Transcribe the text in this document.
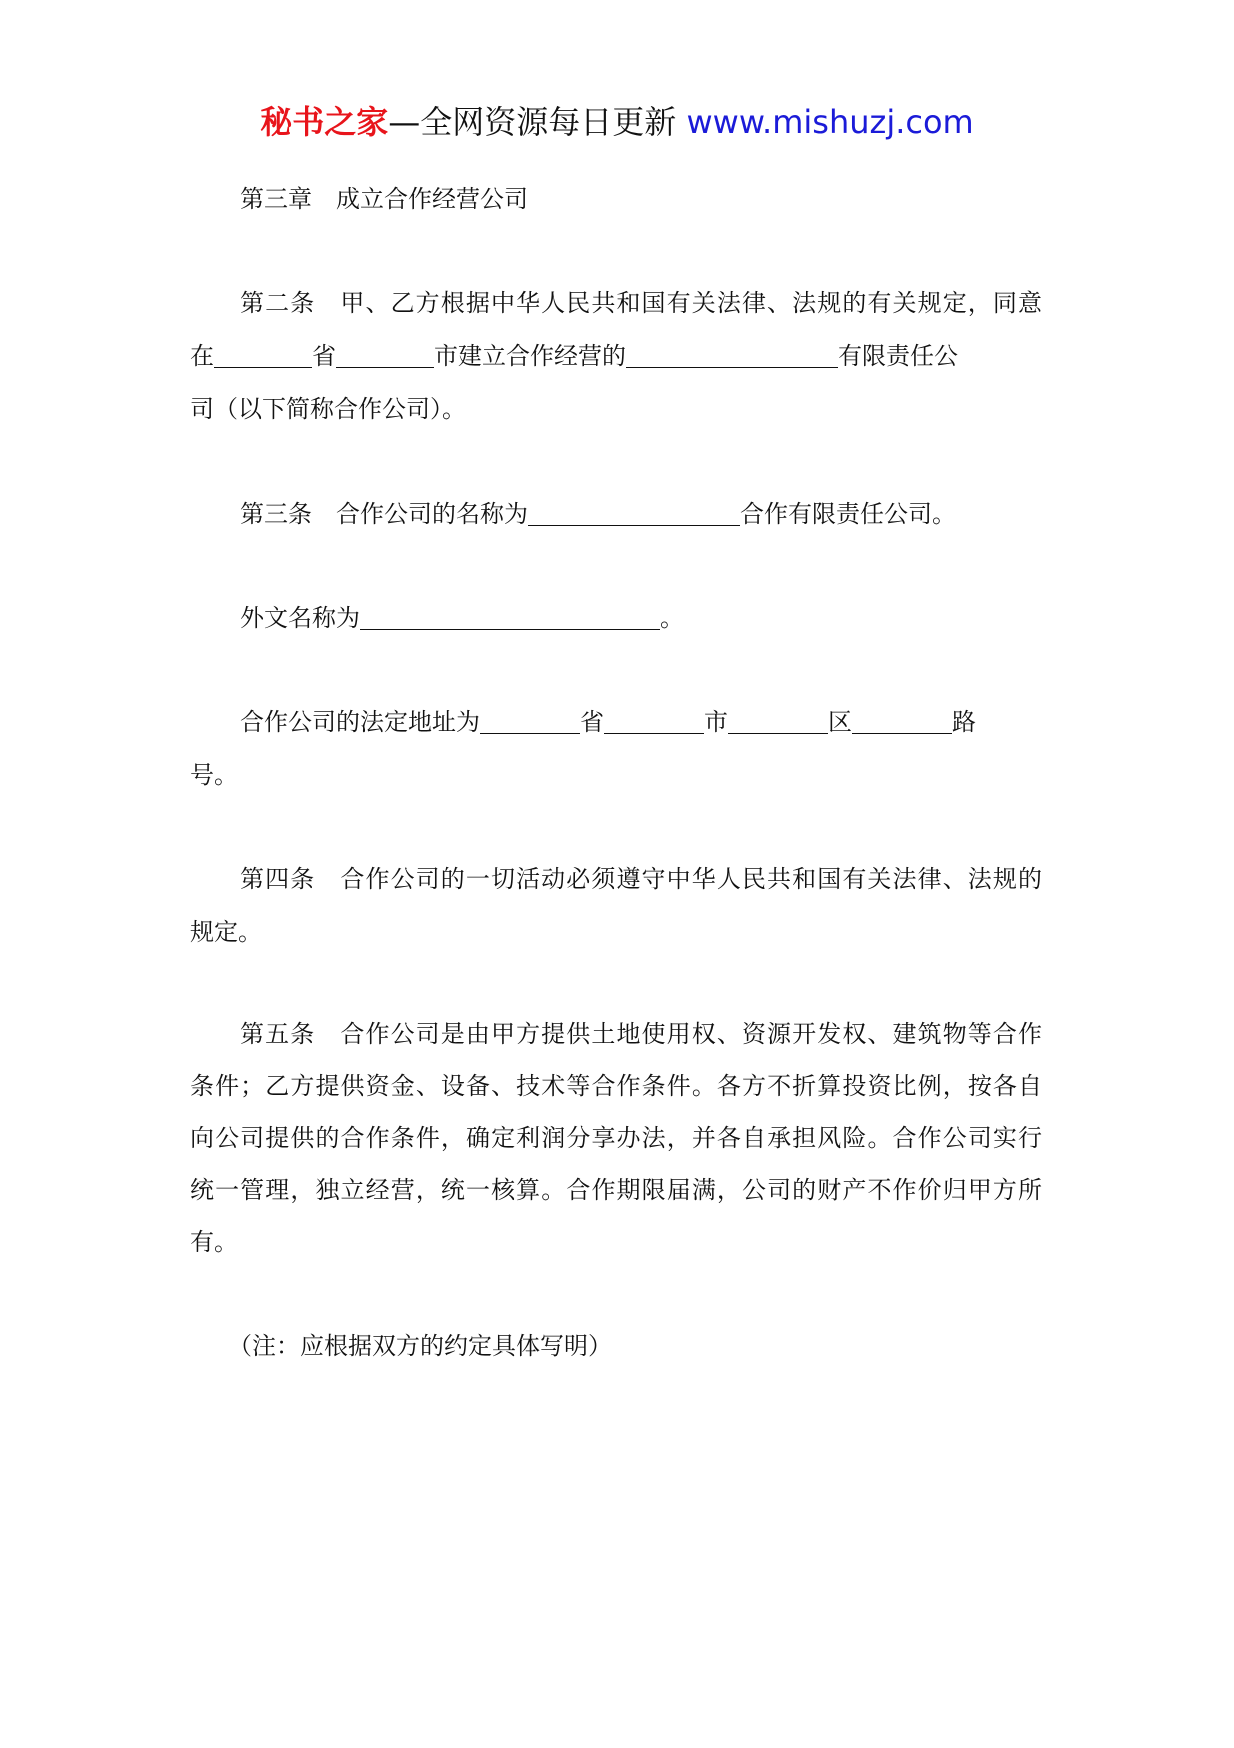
秘书之家—全网资源每日更新 www.mishuzj.com
第三章 成立合作经营公司
第二条 甲、乙方根据中华人民共和国有关法律、法规的有关规定，同意
在	省	市建立合作经营的	有限责任公
司（以下简称合作公司）。
第三条 合作公司的名称为	合作有限责任公司。
外文名称为	。
合作公司的法定地址为	省	市	区	路
号。
第四条 合作公司的一切活动必须遵守中华人民共和国有关法律、法规的
规定。
第五条 合作公司是由甲方提供土地使用权、资源开发权、建筑物等合作
条件；乙方提供资金、设备、技术等合作条件。各方不折算投资比例，按各自
向公司提供的合作条件，确定利润分享办法，并各自承担风险。合作公司实行
统一管理，独立经营，统一核算。合作期限届满，公司的财产不作价归甲方所
有。
（注：应根据双方的约定具体写明）
